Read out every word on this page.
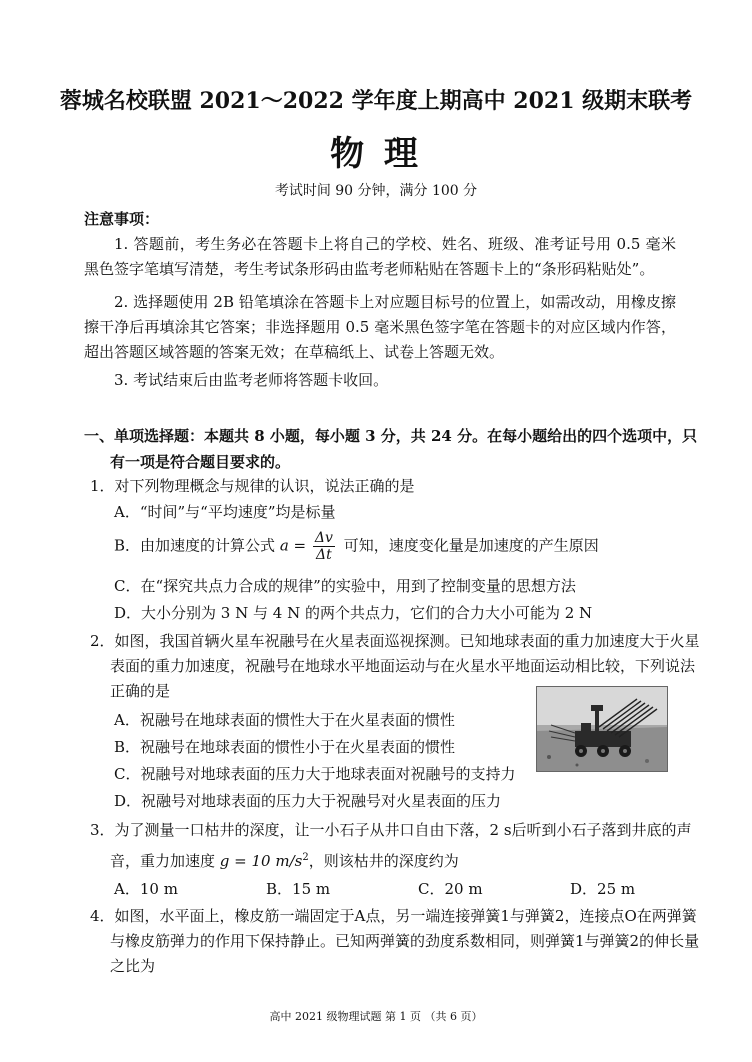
蓉城名校联盟 2021～2022 学年度上期高中 2021 级期末联考
物 理
考试时间 90 分钟，满分 100 分
注意事项：
1. 答题前，考生务必在答题卡上将自己的学校、姓名、班级、准考证号用 0.5 毫米黑色签字笔填写清楚，考生考试条形码由监考老师粘贴在答题卡上的“条形码粘贴处”。
2. 选择题使用 2B 铅笔填涂在答题卡上对应题目标号的位置上，如需改动，用橡皮擦擦干净后再填涂其它答案；非选择题用 0.5 毫米黑色签字笔在答题卡的对应区域内作答，超出答题区域答题的答案无效；在草稿纸上、试卷上答题无效。
3. 考试结束后由监考老师将答题卡收回。
一、单项选择题：本题共 8 小题，每小题 3 分，共 24 分。在每小题给出的四个选项中，只有一项是符合题目要求的。
1．对下列物理概念与规律的认识，说法正确的是
A．“时间”与“平均速度”均是标量
B．由加速度的计算公式 $a = \frac{\Delta v}{\Delta t}$ 可知，速度变化量是加速度的产生原因
C．在“探究共点力合成的规律”的实验中，用到了控制变量的思想方法
D．大小分别为 3 N 与 4 N 的两个共点力，它们的合力大小可能为 2 N
2．如图，我国首辆火星车祝融号在火星表面巡视探测。已知地球表面的重力加速度大于火星表面的重力加速度，祝融号在地球水平地面运动与在火星水平地面运动相比较，下列说法正确的是
A．祝融号在地球表面的惯性大于在火星表面的惯性
B．祝融号在地球表面的惯性小于在火星表面的惯性
C．祝融号对地球表面的压力大于地球表面对祝融号的支持力
D．祝融号对地球表面的压力大于祝融号对火星表面的压力
3．为了测量一口枯井的深度，让一小石子从井口自由下落，2 s后听到小石子落到井底的声音，重力加速度 g = 10 $m/s^2$，则该枯井的深度约为
A．10 m	B．15 m	C．20 m	D．25 m
4．如图，水平面上，橡皮筋一端固定于A点，另一端连接弹簧1与弹簧2，连接点O在两弹簧与橡皮筋弹力的作用下保持静止。已知两弹簧的劲度系数相同，则弹簧1与弹簧2的伸长量之比为
高中 2021 级物理试题 第 1 页 （共 6 页）
